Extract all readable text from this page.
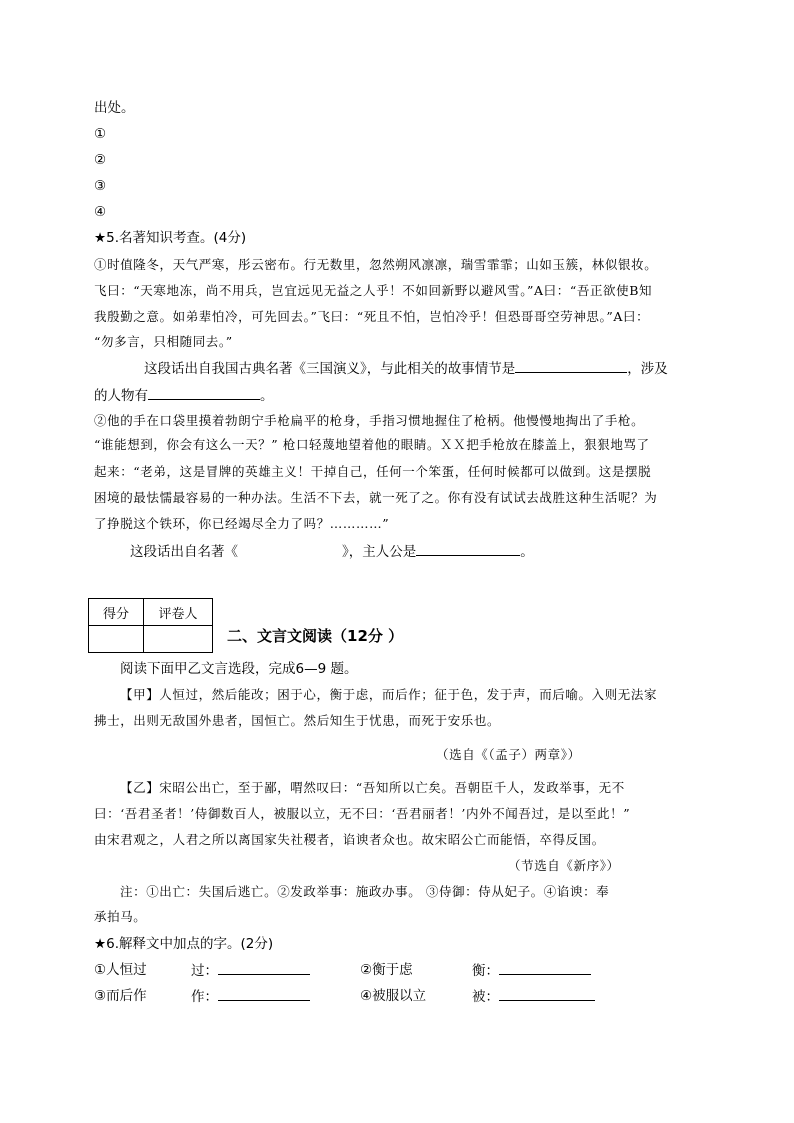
出处。
①
②
③
④
★5.名著知识考查。(4分)
①时值隆冬，天气严寒，彤云密布。行无数里，忽然朔风凛凛，瑞雪霏霏；山如玉簇，林似银妆。
飞曰：“天寒地冻，尚不用兵，岂宜远见无益之人乎！不如回新野以避风雪。”A曰：“吾正欲使B知
我殷勤之意。如弟辈怕冷，可先回去。”飞曰：“死且不怕，岂怕冷乎！但恐哥哥空劳神思。”A曰：
“勿多言，只相随同去。”
这段话出自我国古典名著《三国演义》，与此相关的故事情节是	，涉及
的人物有	。
②他的手在口袋里摸着勃朗宁手枪扁平的枪身，手指习惯地握住了枪柄。他慢慢地掏出了手枪。
“谁能想到，你会有这么一天？” 枪口轻蔑地望着他的眼睛。ＸＸ把手枪放在膝盖上，狠狠地骂了
起来：“老弟，这是冒牌的英雄主义！干掉自己，任何一个笨蛋，任何时候都可以做到。这是摆脱
困境的最怯懦最容易的一种办法。生活不下去，就一死了之。你有没有试试去战胜这种生活呢？为
了挣脱这个铁环，你已经竭尽全力了吗？…………”
这段话出自名著《	》，主人公是	。
得分	评卷人

二、文言文阅读（12分 ）
阅读下面甲乙文言选段，完成6—9 题。
【甲】人恒过，然后能改；困于心，衡于虑，而后作；征于色，发于声，而后喻。入则无法家
拂士，出则无敌国外患者，国恒亡。然后知生于忧患，而死于安乐也。
（选自《（孟子）两章》）
【乙】宋昭公出亡，至于鄙，喟然叹曰：“吾知所以亡矣。吾朝臣千人，发政举事，无不
曰：‘吾君圣者！’侍御数百人，被服以立，无不曰：‘吾君丽者！’内外不闻吾过，是以至此！”
由宋君观之，人君之所以离国家失社稷者，谄谀者众也。故宋昭公亡而能悟，卒得反国。
（节选自《新序》）
注：①出亡：失国后逃亡。②发政举事：施政办事。 ③侍御：侍从妃子。④谄谀：奉
承拍马。
★6.解释文中加点的字。(2分)
①人恒过	过：	②衡于虑	衡：
③而后作	作：	④被服以立	被：
